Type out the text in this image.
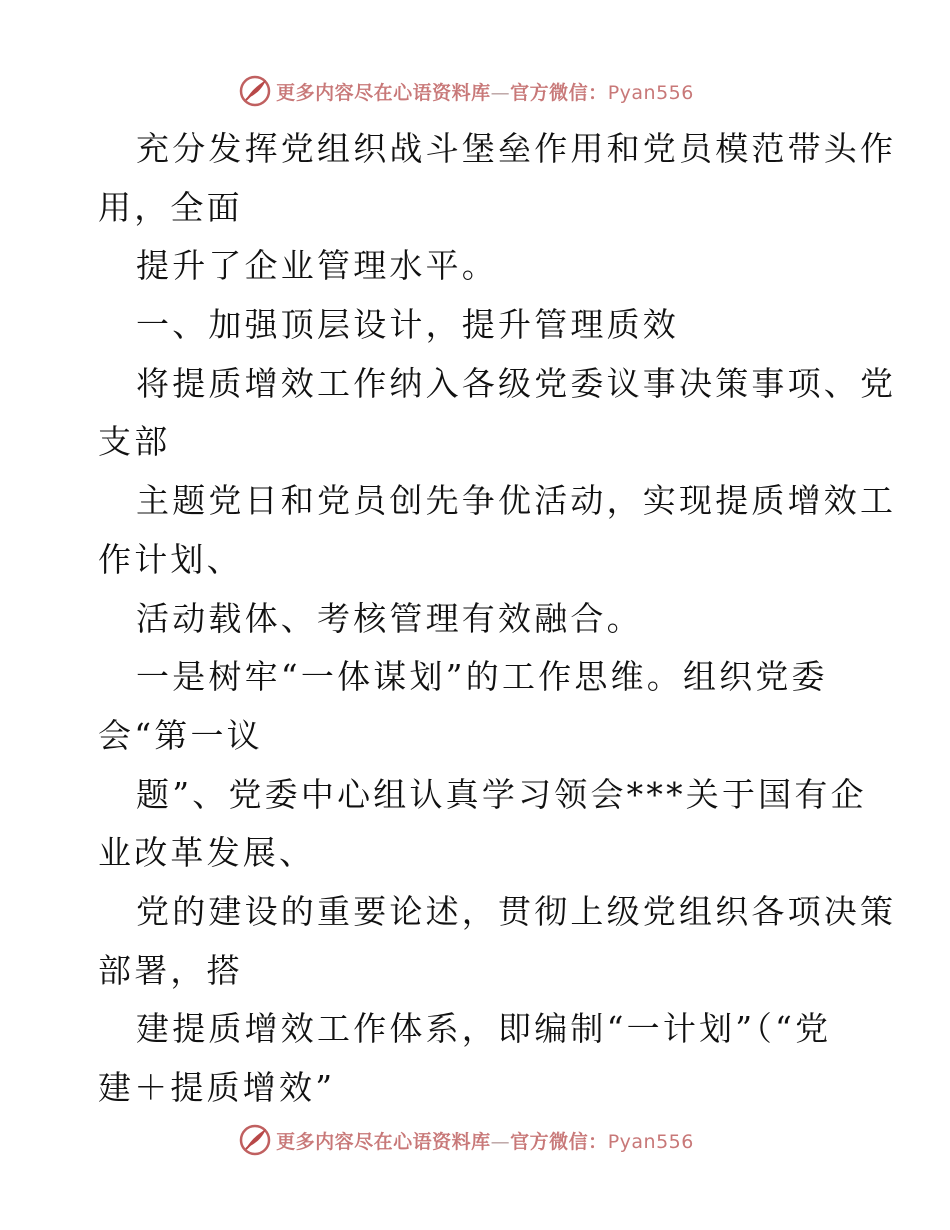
更多内容尽在心语资料库—官方微信：Pyan556
充分发挥党组织战斗堡垒作用和党员模范带头作
用，全面
提升了企业管理水平。
一、加强顶层设计，提升管理质效
将提质增效工作纳入各级党委议事决策事项、党
支部
主题党日和党员创先争优活动，实现提质增效工
作计划、
活动载体、考核管理有效融合。
一是树牢“一体谋划”的工作思维。组织党委
会“第一议
题”、党委中心组认真学习领会***关于国有企
业改革发展、
党的建设的重要论述，贯彻上级党组织各项决策
部署，搭
建提质增效工作体系，即编制“一计划”（“党
建＋提质增效”
更多内容尽在心语资料库—官方微信：Pyan556
